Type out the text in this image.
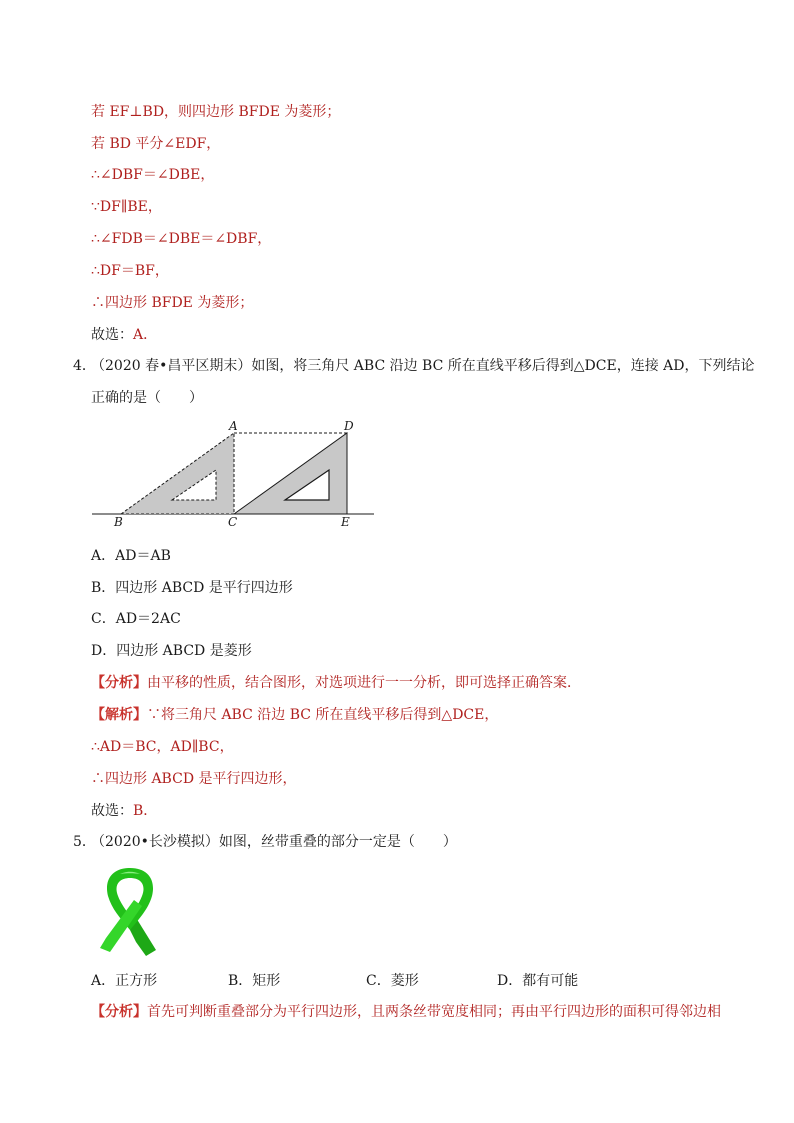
若 EF⊥BD，则四边形 BFDE 为菱形；
若 BD 平分∠EDF，
∴∠DBF＝∠DBE，
∵DF∥BE，
∴∠FDB＝∠DBE＝∠DBF，
∴DF＝BF，
∴四边形 BFDE 为菱形；
故选：A．
4．
（2020 春•昌平区期末）如图，将三角尺 ABC 沿边 BC 所在直线平移后得到△DCE，连接 AD，下列结论
正确的是（　　）
A	D
B	C	E
A．AD＝AB
B．四边形 ABCD 是平行四边形
C．AD＝2AC
D．四边形 ABCD 是菱形
【分析】由平移的性质，结合图形，对选项进行一一分析，即可选择正确答案．
【解析】∵将三角尺 ABC 沿边 BC 所在直线平移后得到△DCE，
∴AD＝BC，AD∥BC，
∴四边形 ABCD 是平行四边形，
故选：B．
5．
（2020•长沙模拟）如图，丝带重叠的部分一定是（　　）
A．正方形	B．矩形	C．菱形	D．都有可能
【分析】首先可判断重叠部分为平行四边形，且两条丝带宽度相同；再由平行四边形的面积可得邻边相
